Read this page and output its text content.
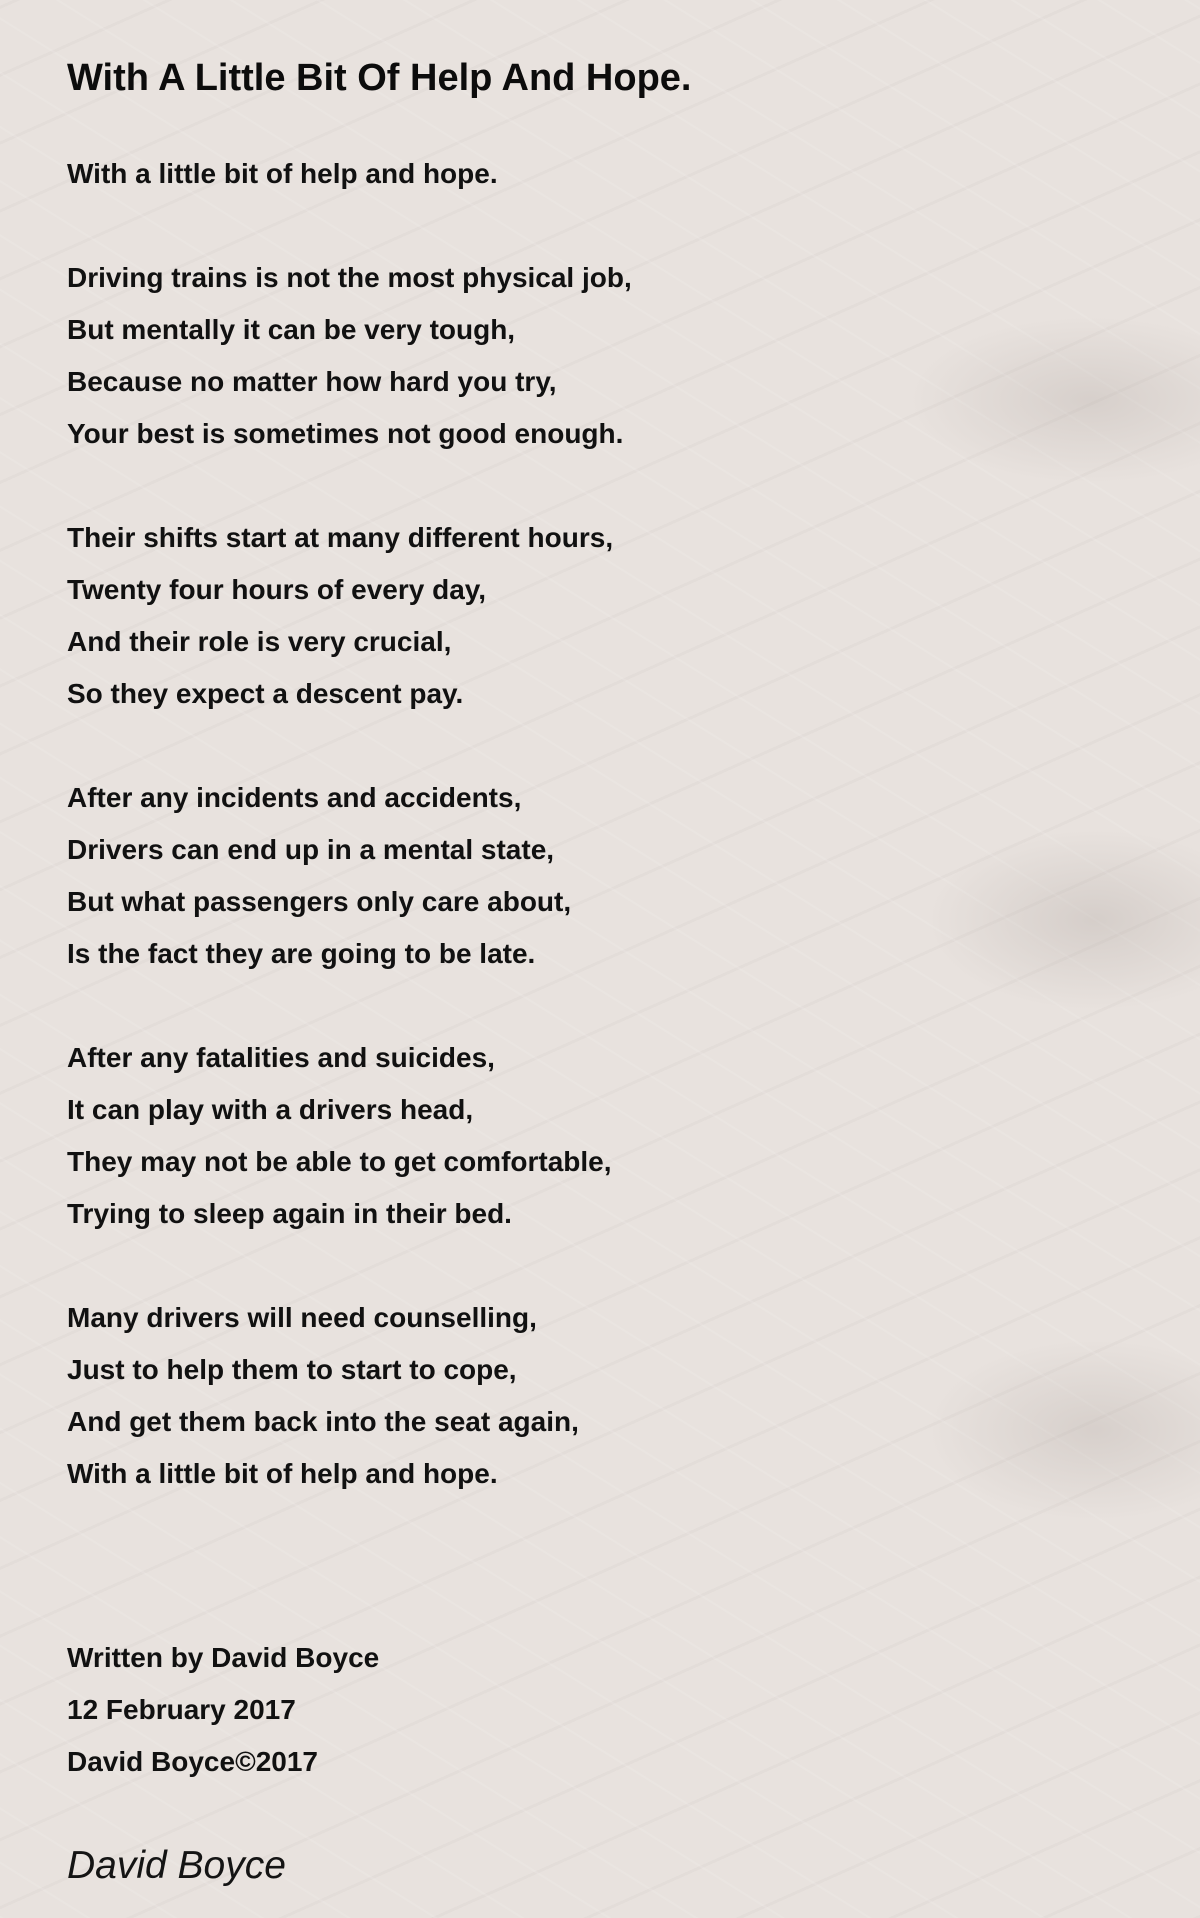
With A Little Bit Of Help And Hope.
With a little bit of help and hope.
Driving trains is not the most physical job,
But mentally it can be very tough,
Because no matter how hard you try,
Your best is sometimes not good enough.
Their shifts start at many different hours,
Twenty four hours of every day,
And their role is very crucial,
So they expect a descent pay.
After any incidents and accidents,
Drivers can end up in a mental state,
But what passengers only care about,
Is the fact they are going to be late.
After any fatalities and suicides,
It can play with a drivers head,
They may not be able to get comfortable,
Trying to sleep again in their bed.
Many drivers will need counselling,
Just to help them to start to cope,
And get them back into the seat again,
With a little bit of help and hope.
Written by David Boyce
12 February 2017
David Boyce©2017
David Boyce
